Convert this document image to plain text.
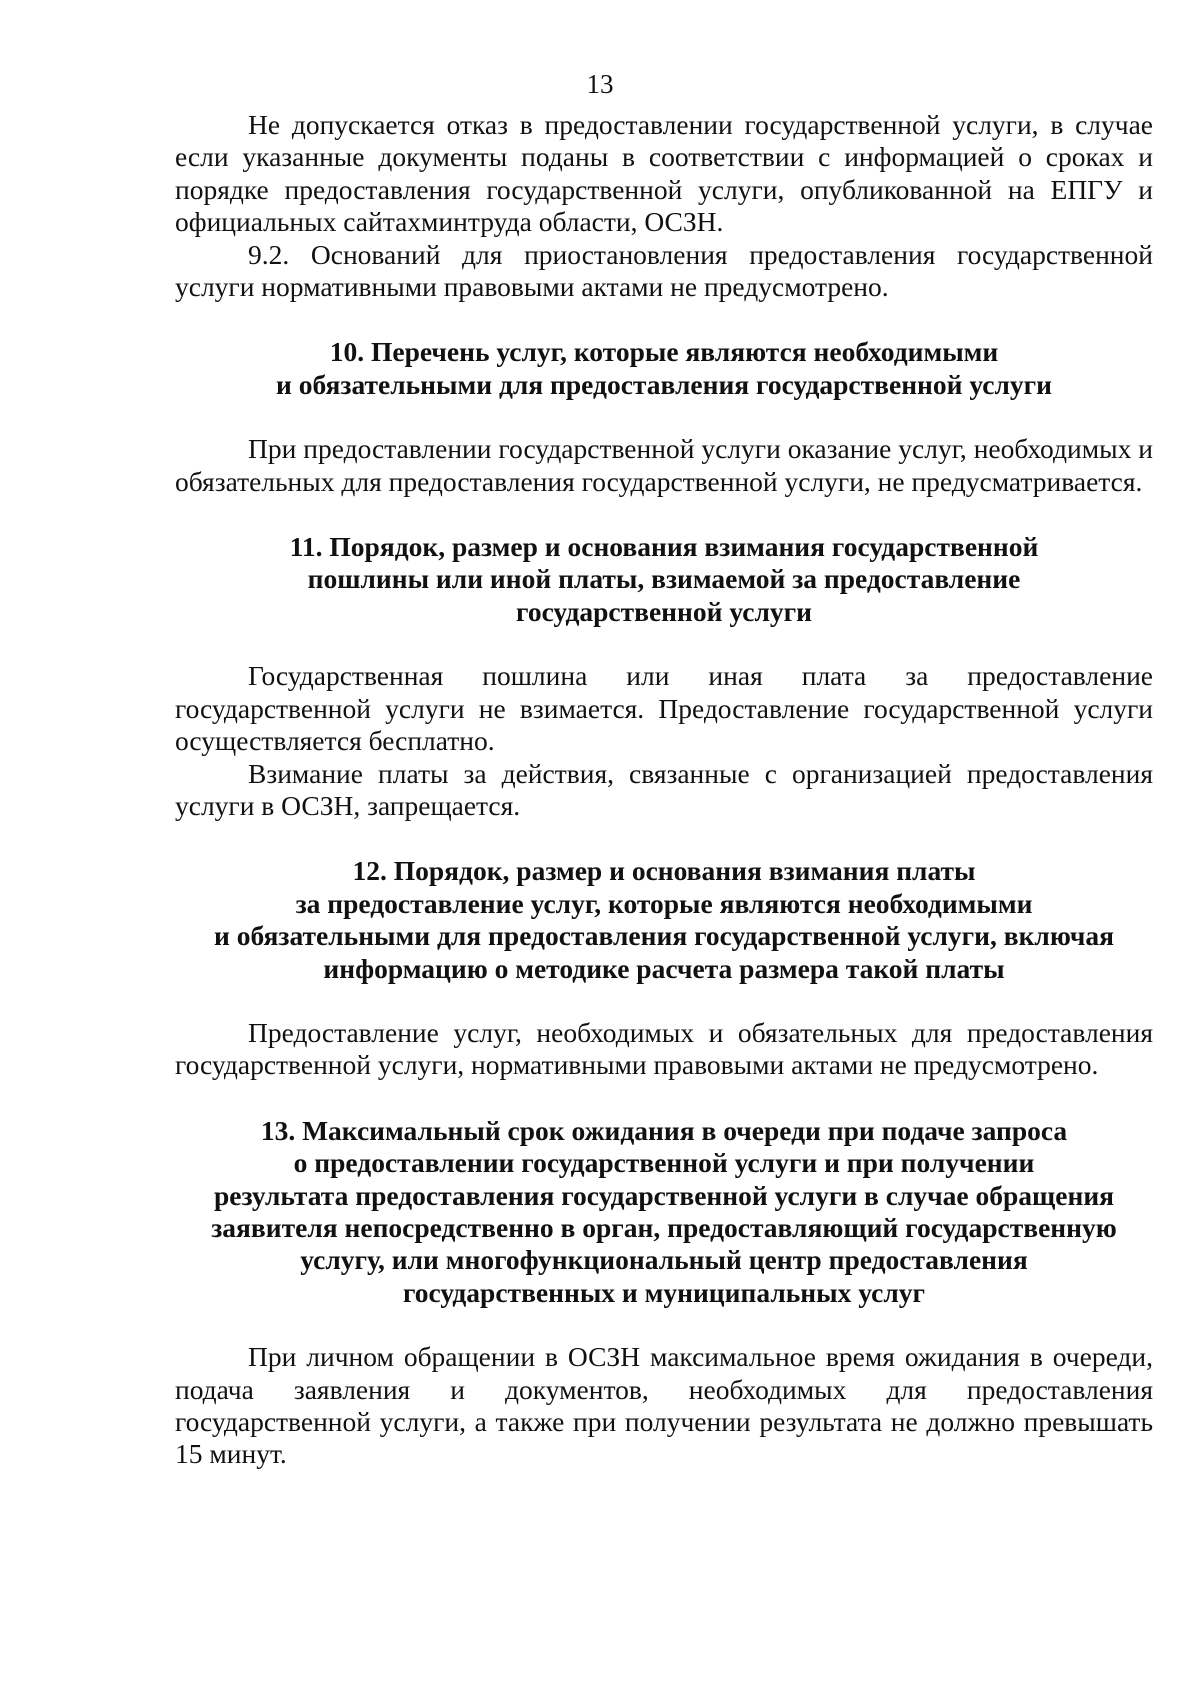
13

Не допускается отказ в предоставлении государственной услуги, в случае если указанные документы поданы в соответствии с информацией о сроках и порядке предоставления государственной услуги, опубликованной на ЕПГУ и официальных сайтахминтруда области, ОСЗН.

9.2. Оснований для приостановления предоставления государственной услуги нормативными правовыми актами не предусмотрено.

10. Перечень услуг, которые являются необходимыми
и обязательными для предоставления государственной услуги

При предоставлении государственной услуги оказание услуг, необходимых и обязательных для предоставления государственной услуги, не предусматривается.

11. Порядок, размер и основания взимания государственной
пошлины или иной платы, взимаемой за предоставление
государственной услуги

Государственная пошлина или иная плата за предоставление государственной услуги не взимается. Предоставление государственной услуги осуществляется бесплатно.

Взимание платы за действия, связанные с организацией предоставления услуги в ОСЗН, запрещается.

12. Порядок, размер и основания взимания платы
за предоставление услуг, которые являются необходимыми
и обязательными для предоставления государственной услуги, включая
информацию о методике расчета размера такой платы

Предоставление услуг, необходимых и обязательных для предоставления государственной услуги, нормативными правовыми актами не предусмотрено.

13. Максимальный срок ожидания в очереди при подаче запроса
о предоставлении государственной услуги и при получении
результата предоставления государственной услуги в случае обращения
заявителя непосредственно в орган, предоставляющий государственную
услугу, или многофункциональный центр предоставления
государственных и муниципальных услуг

При личном обращении в ОСЗН максимальное время ожидания в очереди, подача заявления и документов, необходимых для предоставления государственной услуги, а также при получении результата не должно превышать 15 минут.
